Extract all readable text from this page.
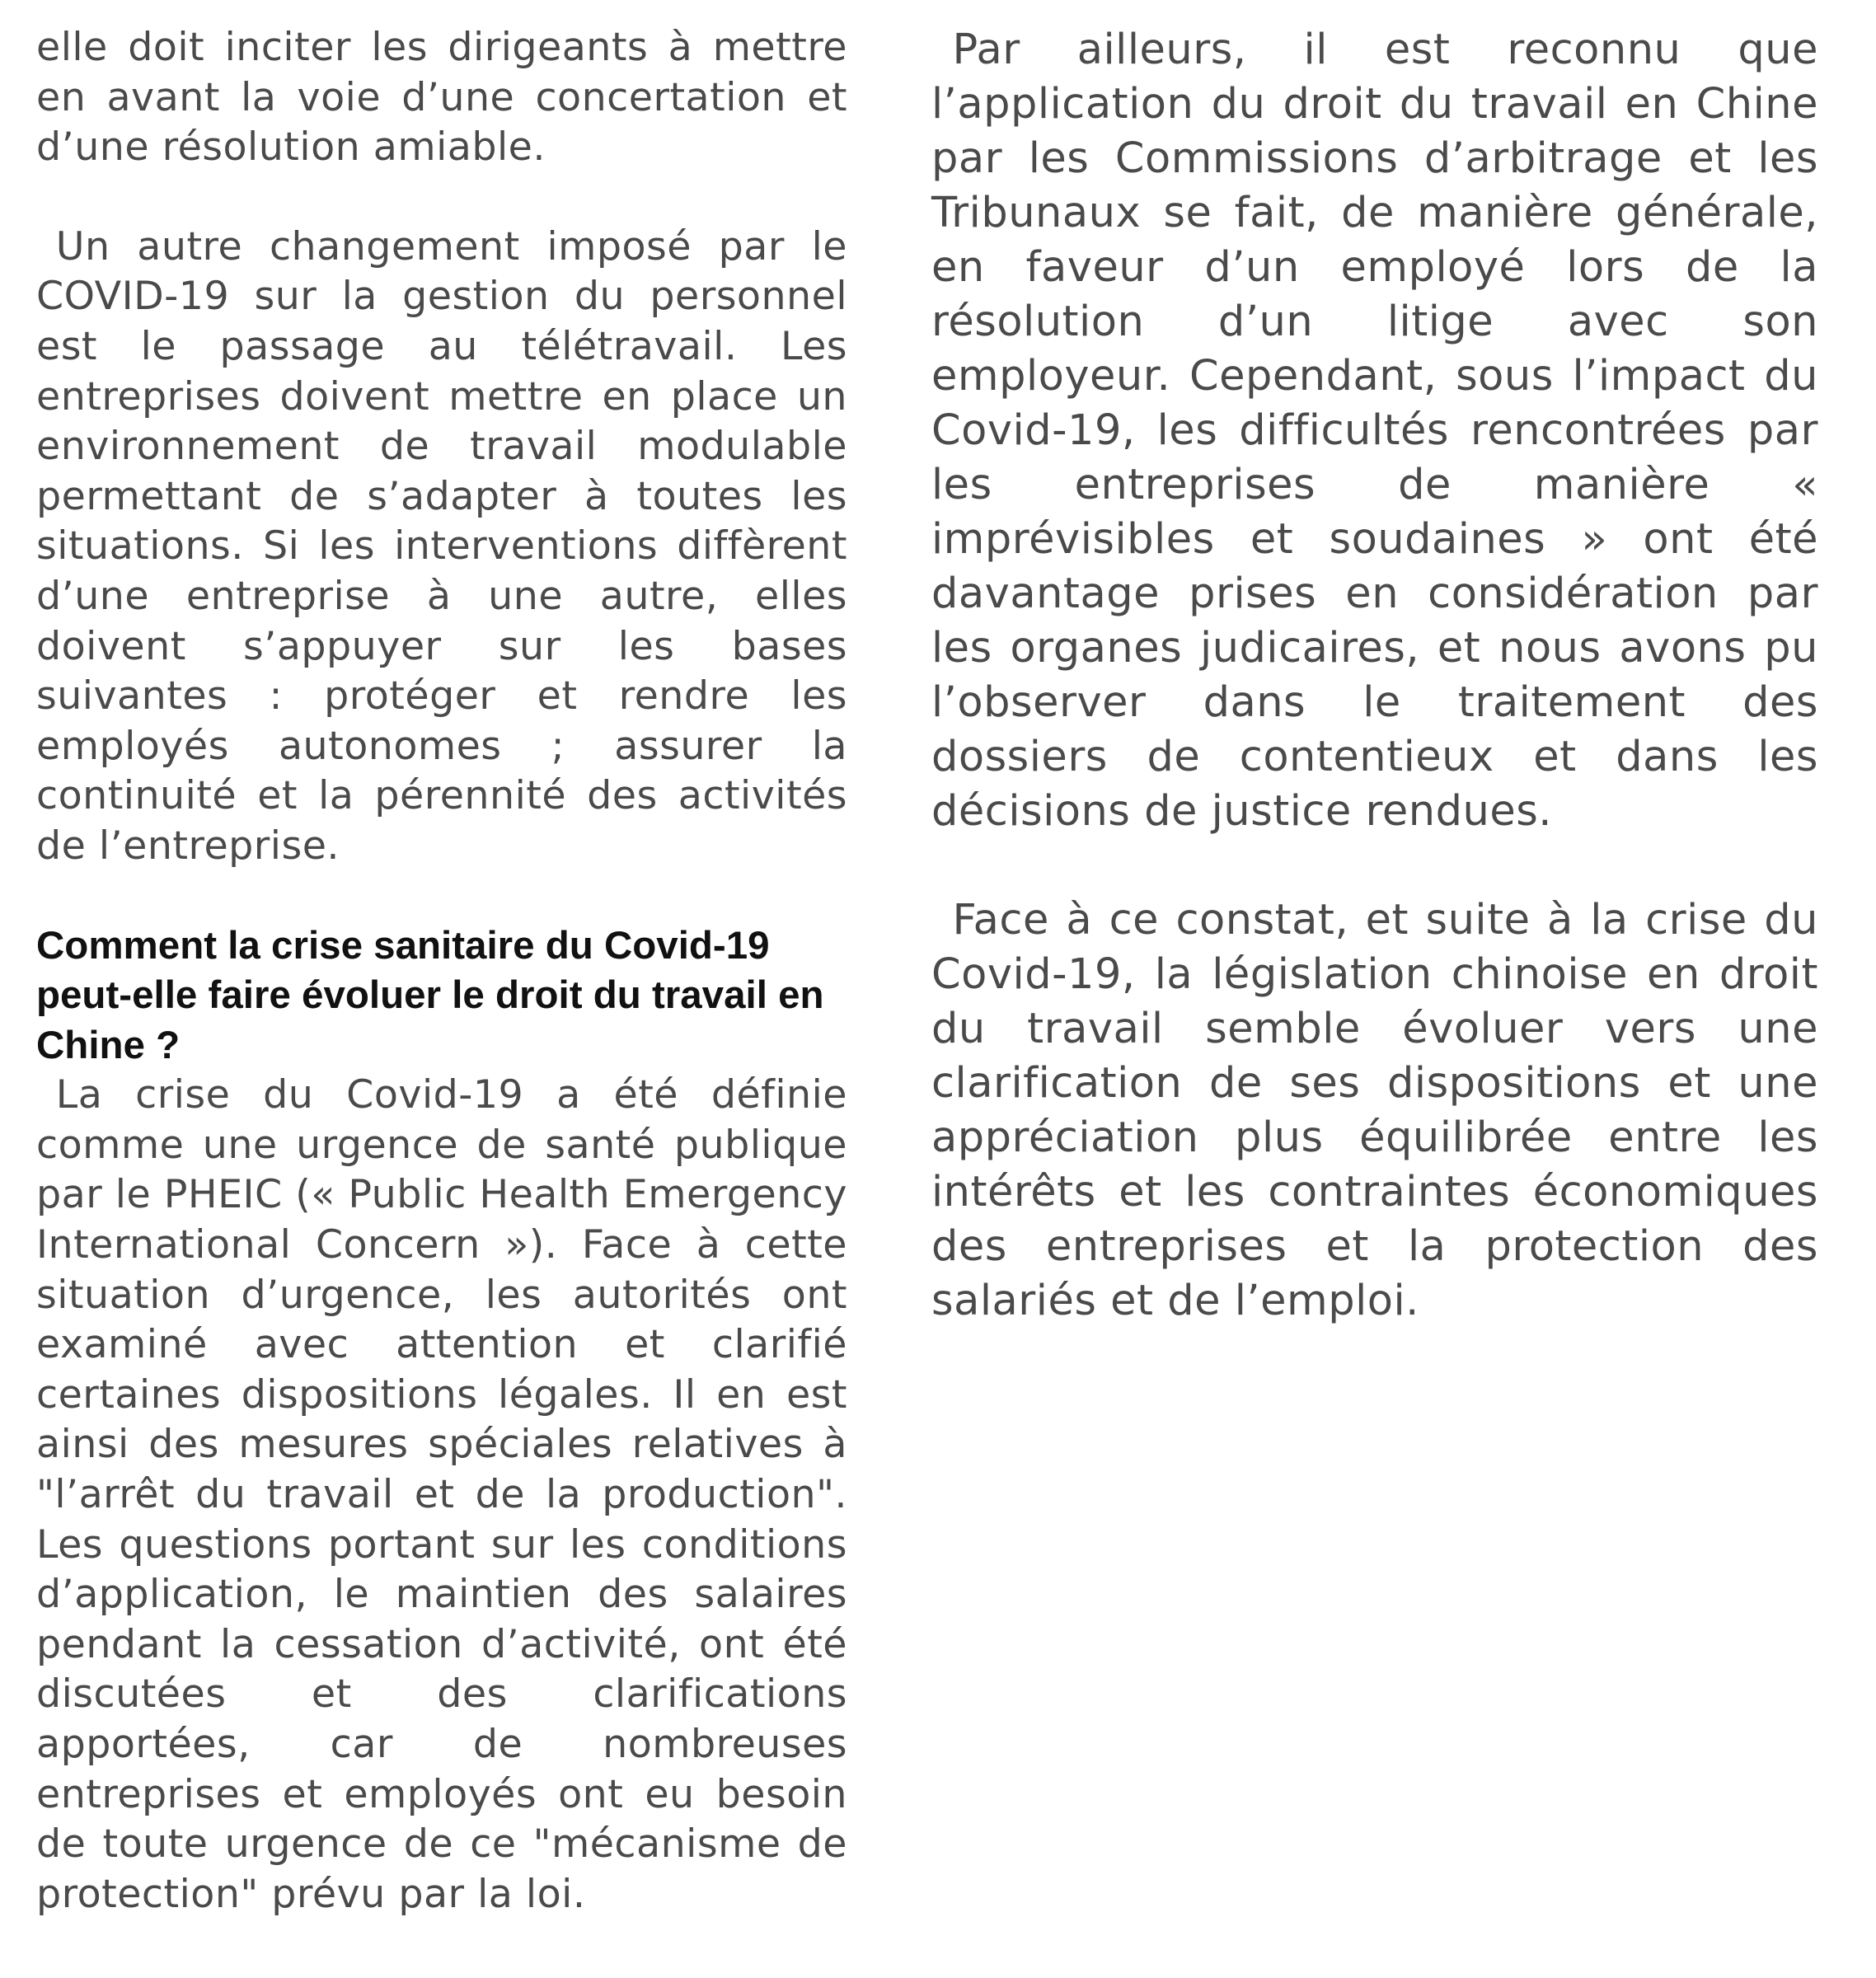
elle doit inciter les dirigeants à mettre en avant la voie d’une concertation et d’une résolution amiable.

Un autre changement imposé par le COVID-19 sur la gestion du personnel est le passage au télétravail. Les entreprises doivent mettre en place un environnement de travail modulable permettant de s’adapter à toutes les situations. Si les interventions diffèrent d’une entreprise à une autre, elles doivent s’appuyer sur les bases suivantes : protéger et rendre les employés autonomes ; assurer la continuité et la pérennité des activités de l’entreprise.

Comment la crise sanitaire du Covid-19 peut-elle faire évoluer le droit du travail en Chine ?

La crise du Covid-19 a été définie comme une urgence de santé publique par le PHEIC (« Public Health Emergency International Concern »). Face à cette situation d’urgence, les autorités ont examiné avec attention et clarifié certaines dispositions légales. Il en est ainsi des mesures spéciales relatives à "l’arrêt du travail et de la production". Les questions portant sur les conditions d’application, le maintien des salaires pendant la cessation d’activité, ont été discutées et des clarifications apportées, car de nombreuses entreprises et employés ont eu besoin de toute urgence de ce "mécanisme de protection" prévu par la loi.

Par ailleurs, il est reconnu que l’application du droit du travail en Chine par les Commissions d’arbitrage et les Tribunaux se fait, de manière générale, en faveur d’un employé lors de la résolution d’un litige avec son employeur. Cependant, sous l’impact du Covid-19, les difficultés rencontrées par les entreprises de manière « imprévisibles et soudaines » ont été davantage prises en considération par les organes judicaires, et nous avons pu l’observer dans le traitement des dossiers de contentieux et dans les décisions de justice rendues.

Face à ce constat, et suite à la crise du Covid-19, la législation chinoise en droit du travail semble évoluer vers une clarification de ses dispositions et une appréciation plus équilibrée entre les intérêts et les contraintes économiques des entreprises et la protection des salariés et de l’emploi.
